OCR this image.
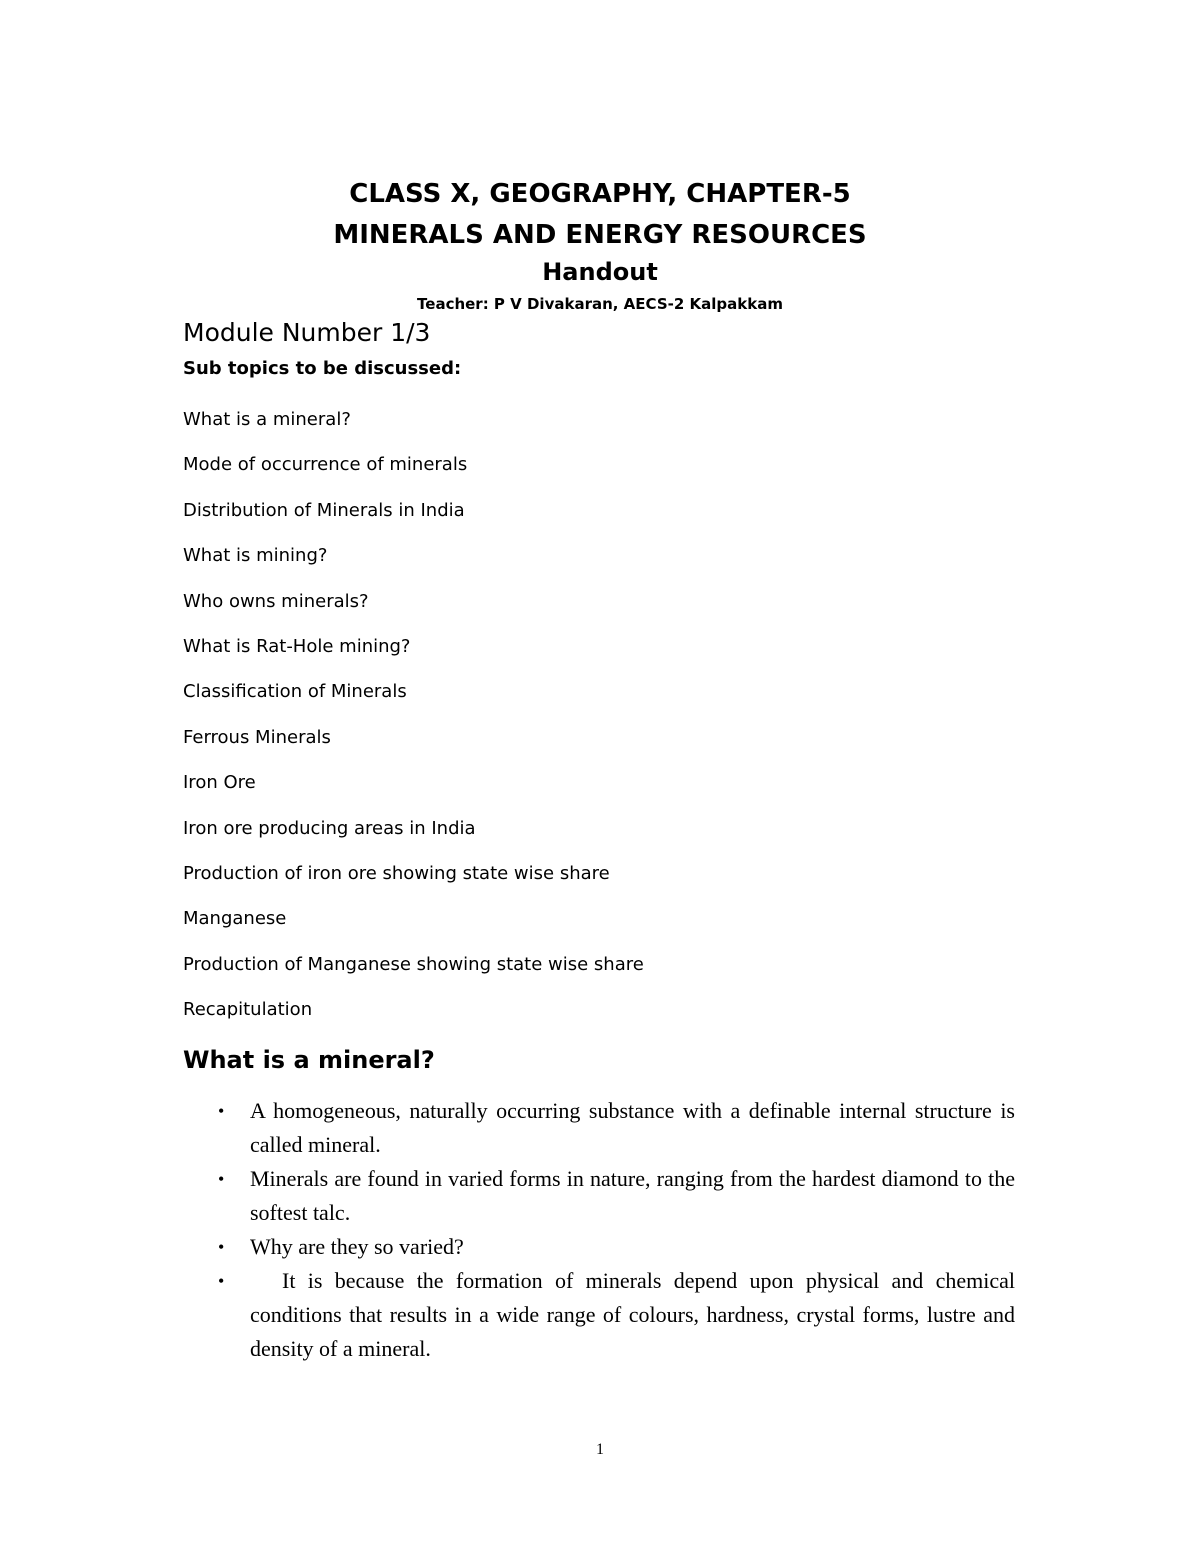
CLASS X, GEOGRAPHY, CHAPTER-5
MINERALS AND ENERGY RESOURCES
Handout

Teacher: P V Divakaran, AECS-2 Kalpakkam

Module Number 1/3

Sub topics to be discussed:

What is a mineral?
Mode of occurrence of minerals
Distribution of Minerals in India
What is mining?
Who owns minerals?
What is Rat-Hole mining?
Classification of Minerals
Ferrous Minerals
Iron Ore
Iron ore producing areas in India
Production of iron ore showing state wise share
Manganese
Production of Manganese showing state wise share
Recapitulation
What is a mineral?
• A homogeneous, naturally occurring substance with a definable internal structure is called mineral.
• Minerals are found in varied forms in nature, ranging from the hardest diamond to the softest talc.
• Why are they so varied?
•	It is because the formation of minerals depend upon physical and chemical conditions that results in a wide range of colours, hardness, crystal forms, lustre and density of a mineral.

1
